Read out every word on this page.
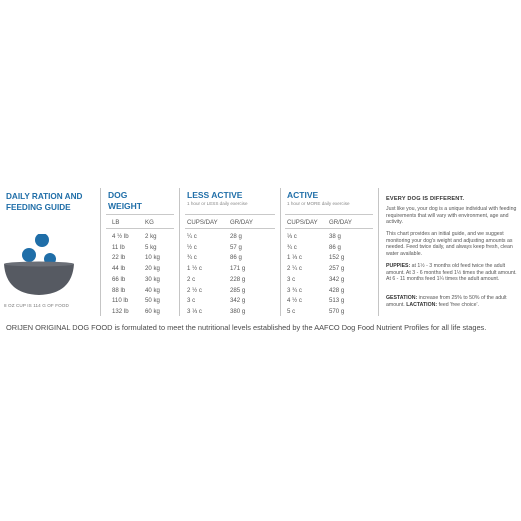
DAILY RATION AND
FEEDING GUIDE
8 OZ CUP IS 114 G OF FOOD
DOG
WEIGHT
LB	KG
LESS ACTIVE
1 hour or LESS daily exercise
CUPS/DAY GR/DAY
ACTIVE
1 hour or MORE daily exercise
CUPS/DAY GR/DAY
4 ½ lb	2 kg	¼ c	28 g	⅓ c	38 g
11 lb	5 kg	½ c	57 g	¾ c	86 g
22 lb	10 kg	¾ c	86 g	1 ⅓ c	152 g
44 lb	20 kg	1 ½ c	171 g	2 ¼ c	257 g
66 lb	30 kg	2 c	228 g	3 c	342 g
88 lb	40 kg	2 ½ c	285 g	3 ¾ c	428 g
110 lb	50 kg	3 c	342 g	4 ½ c	513 g
132 lb	60 kg	3 ⅓ c	380 g	5 c	570 g
EVERY DOG IS DIFFERENT.
Just like you, your dog is a unique individual with feeding requirements that will vary with environment, age and activity.
This chart provides an initial guide, and we suggest monitoring your dog's weight and adjusting amounts as needed. Feed twice daily, and always keep fresh, clean water available.
PUPPIES: at 1½ - 3 months old feed twice the adult amount. At 3 - 6 months feed 1½ times the adult amount. At 6 - 11 months feed 1¼ times the adult amount.
GESTATION: increase from 25% to 50% of the adult amount. LACTATION: feed 'free choice'.
ORIJEN ORIGINAL DOG FOOD is formulated to meet the nutritional levels established by the AAFCO Dog Food Nutrient Profiles for all life stages.
